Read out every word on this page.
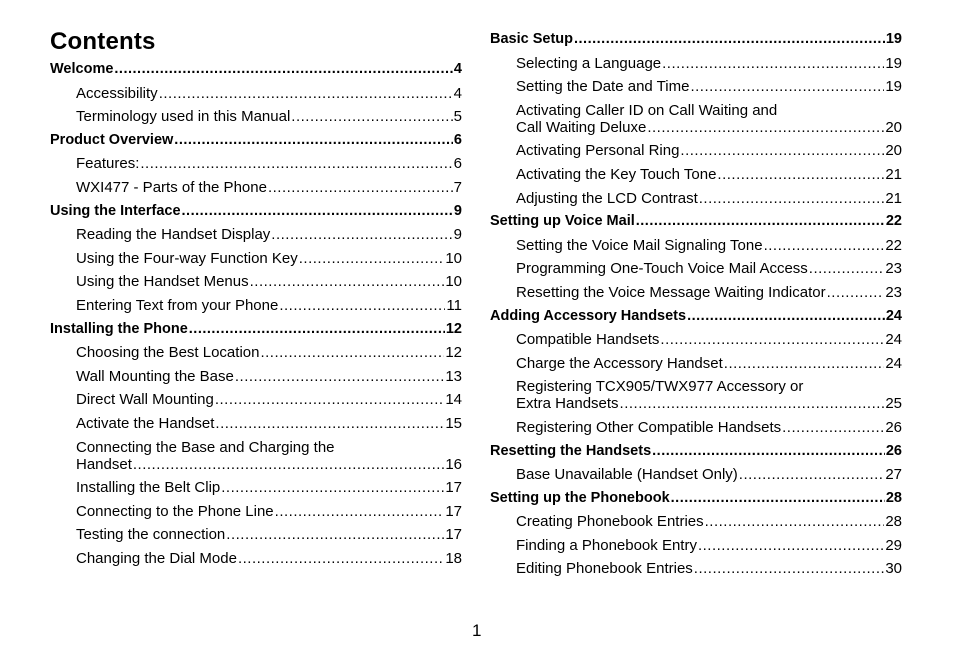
Contents
Welcome .....	4
Accessibility .....	4
Terminology used in this Manual .....	5
Product Overview .....	6
Features: .....	6
WXI477 - Parts of the Phone .....	7
Using the Interface .....	9
Reading the Handset Display .....	9
Using the Four-way Function Key .....	10
Using the Handset Menus .....	10
Entering Text from your Phone .....	11
Installing the Phone .....	12
Choosing the Best Location .....	12
Wall Mounting the Base .....	13
Direct Wall Mounting .....	14
Activate the Handset .....	15
Connecting the Base and Charging the
Handset .....	16
Installing the Belt Clip .....	17
Connecting to the Phone Line .....	17
Testing the connection .....	17
Changing the Dial Mode .....	18
Basic Setup .....	19
Selecting a Language .....	19
Setting the Date and Time .....	19
Activating Caller ID on Call Waiting and
Call Waiting Deluxe .....	20
Activating Personal Ring .....	20
Activating the Key Touch Tone .....	21
Adjusting the LCD Contrast .....	21
Setting up Voice Mail .....	22
Setting the Voice Mail Signaling Tone .....	22
Programming One-Touch Voice Mail Access .....	23
Resetting the Voice Message Waiting Indicator .....	23
Adding Accessory Handsets .....	24
Compatible Handsets .....	24
Charge the Accessory Handset .....	24
Registering TCX905/TWX977 Accessory or
Extra Handsets .....	25
Registering Other Compatible Handsets .....	26
Resetting the Handsets .....	26
Base Unavailable (Handset Only) .....	27
Setting up the Phonebook .....	28
Creating Phonebook Entries .....	28
Finding a Phonebook Entry .....	29
Editing Phonebook Entries .....	30
1
